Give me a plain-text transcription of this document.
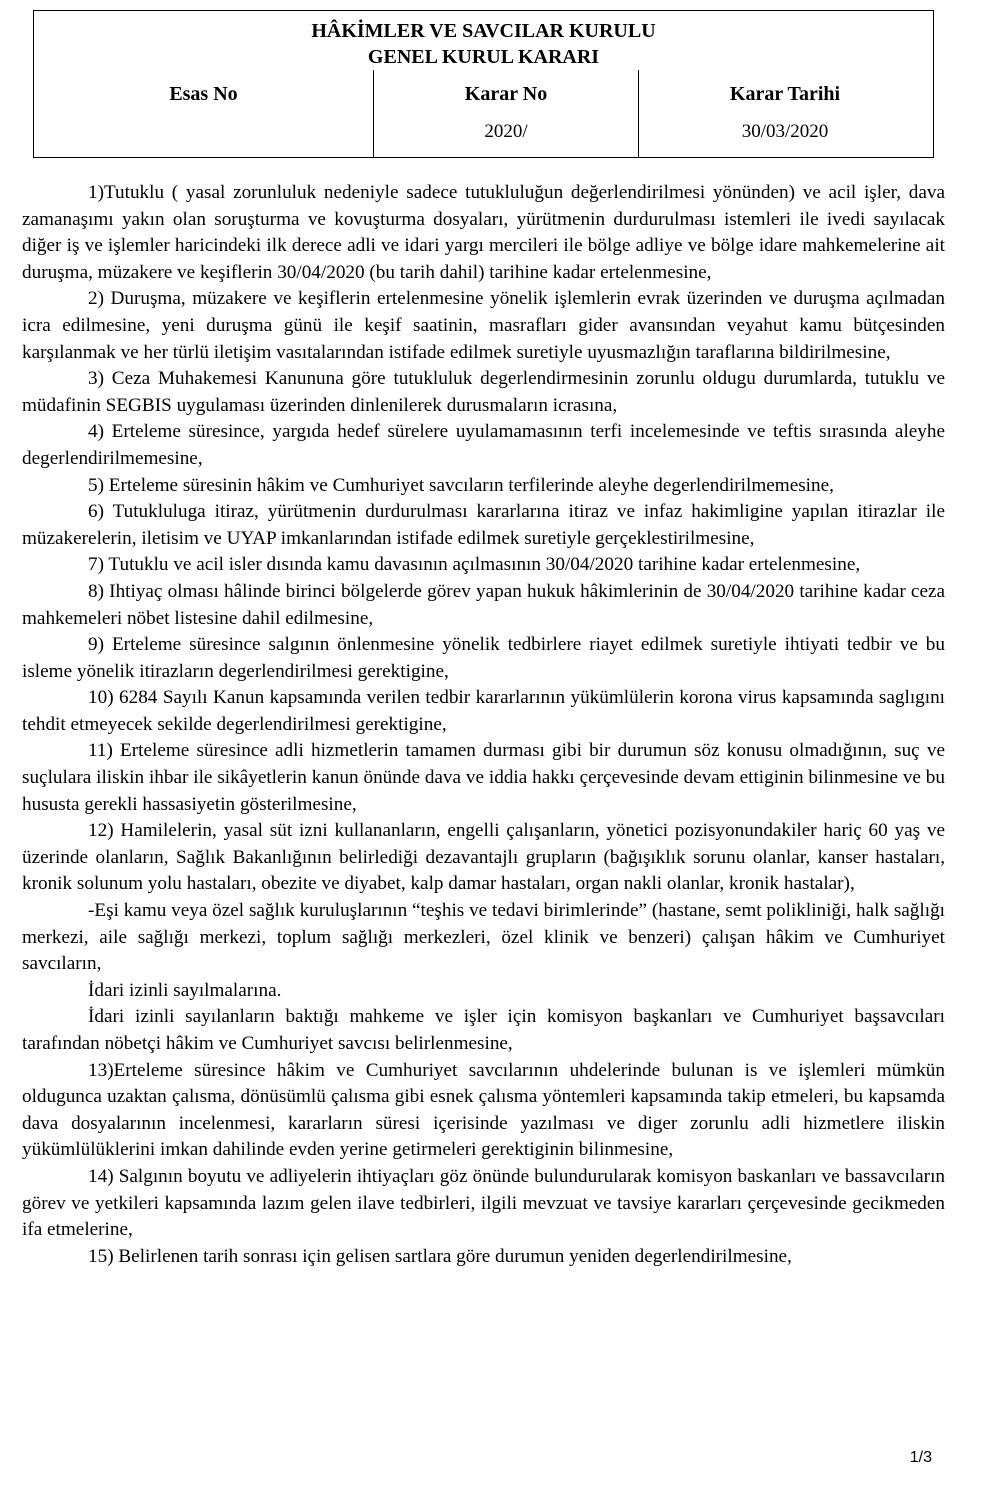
HÂKİMLER VE SAVCILAR KURULU
GENEL KURUL KARARI
Esas No	Karar No
2020/
Karar Tarihi
30/03/2020

1)Tutuklu ( yasal zorunluluk nedeniyle sadece tutukluluğun değerlendirilmesi yönünden) ve acil işler, dava zamanaşımı yakın olan soruşturma ve kovuşturma dosyaları, yürütmenin durdurulması istemleri ile ivedi sayılacak diğer iş ve işlemler haricindeki ilk derece adli ve idari yargı mercileri ile bölge adliye ve bölge idare mahkemelerine ait duruşma, müzakere ve keşiflerin 30/04/2020 (bu tarih dahil) tarihine kadar ertelenmesine,

2) Duruşma, müzakere ve keşiflerin ertelenmesine yönelik işlemlerin evrak üzerinden ve duruşma açılmadan icra edilmesine, yeni duruşma günü ile keşif saatinin, masrafları gider avansından veyahut kamu bütçesinden karşılanmak ve her türlü iletişim vasıtalarından istifade edilmek suretiyle uyusmazlığın taraflarına bildirilmesine,

3) Ceza Muhakemesi Kanununa göre tutukluluk degerlendirmesinin zorunlu oldugu durumlarda, tutuklu ve müdafinin SEGBIS uygulaması üzerinden dinlenilerek durusmaların icrasına,

4) Erteleme süresince, yargıda hedef sürelere uyulamamasının terfi incelemesinde ve teftis sırasında aleyhe degerlendirilmemesine,

5) Erteleme süresinin hâkim ve Cumhuriyet savcıların terfilerinde aleyhe degerlendirilmemesine,

6) Tutukluluga itiraz, yürütmenin durdurulması kararlarına itiraz ve infaz hakimligine yapılan itirazlar ile müzakerelerin, iletisim ve UYAP imkanlarından istifade edilmek suretiyle gerçeklestirilmesine,

7) Tutuklu ve acil isler dısında kamu davasının açılmasının 30/04/2020 tarihine kadar ertelenmesine,

8) Ihtiyaç olması hâlinde birinci bölgelerde görev yapan hukuk hâkimlerinin de 30/04/2020 tarihine kadar ceza mahkemeleri nöbet listesine dahil edilmesine,

9) Erteleme süresince salgının önlenmesine yönelik tedbirlere riayet edilmek suretiyle ihtiyati tedbir ve bu isleme yönelik itirazların degerlendirilmesi gerektigine,

10) 6284 Sayılı Kanun kapsamında verilen tedbir kararlarının yükümlülerin korona virus kapsamında saglıgını tehdit etmeyecek sekilde degerlendirilmesi gerektigine,

11) Erteleme süresince adli hizmetlerin tamamen durması gibi bir durumun söz konusu olmadığının, suç ve suçlulara iliskin ihbar ile sikâyetlerin kanun önünde dava ve iddia hakkı çerçevesinde devam ettiginin bilinmesine ve bu hususta gerekli hassasiyetin gösterilmesine,

12) Hamilelerin, yasal süt izni kullananların, engelli çalışanların, yönetici pozisyonundakiler hariç 60 yaş ve üzerinde olanların, Sağlık Bakanlığının belirlediği dezavantajlı grupların (bağışıklık sorunu olanlar, kanser hastaları, kronik solunum yolu hastaları, obezite ve diyabet, kalp damar hastaları, organ nakli olanlar, kronik hastalar),

-Eşi kamu veya özel sağlık kuruluşlarının “teşhis ve tedavi birimlerinde” (hastane, semt polikliniği, halk sağlığı merkezi, aile sağlığı merkezi, toplum sağlığı merkezleri, özel klinik ve benzeri) çalışan hâkim ve Cumhuriyet savcıların,

İdari izinli sayılmalarına.

İdari izinli sayılanların baktığı mahkeme ve işler için komisyon başkanları ve Cumhuriyet başsavcıları tarafından nöbetçi hâkim ve Cumhuriyet savcısı belirlenmesine,

13)Erteleme süresince hâkim ve Cumhuriyet savcılarının uhdelerinde bulunan is ve işlemleri mümkün oldugunca uzaktan çalısma, dönüsümlü çalısma gibi esnek çalısma yöntemleri kapsamında takip etmeleri, bu kapsamda dava dosyalarının incelenmesi, kararların süresi içerisinde yazılması ve diger zorunlu adli hizmetlere iliskin yükümlülüklerini imkan dahilinde evden yerine getirmeleri gerektiginin bilinmesine,

14) Salgının boyutu ve adliyelerin ihtiyaçları göz önünde bulundurularak komisyon baskanları ve bassavcıların görev ve yetkileri kapsamında lazım gelen ilave tedbirleri, ilgili mevzuat ve tavsiye kararları çerçevesinde gecikmeden ifa etmelerine,

15) Belirlenen tarih sonrası için gelisen sartlara göre durumun yeniden degerlendirilmesine,

1/3
